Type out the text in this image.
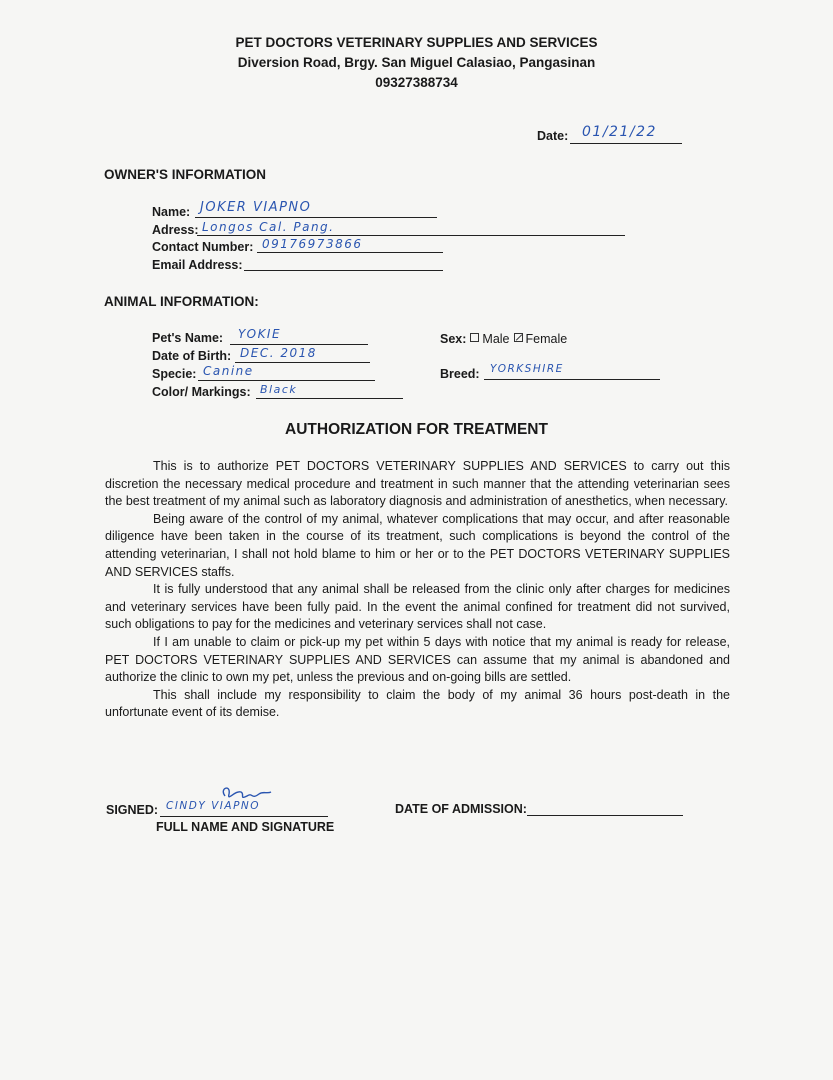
PET DOCTORS VETERINARY SUPPLIES AND SERVICES
Diversion Road, Brgy. San Miguel Calasiao, Pangasinan
09327388734
Date: 01/21/22
OWNER'S INFORMATION
Name: JOKER VIAPNO
Adress: Longos Cal. Pang.
Contact Number: 09176973866
Email Address:
ANIMAL INFORMATION:
Pet's Name: YOKIE
Date of Birth: DEC. 2018
Specie: Canine
Color/ Markings: Black
Sex: Male Female
Breed: YORKSHIRE
AUTHORIZATION FOR TREATMENT

This is to authorize PET DOCTORS VETERINARY SUPPLIES AND SERVICES to carry out this discretion the necessary medical procedure and treatment in such manner that the attending veterinarian sees the best treatment of my animal such as laboratory diagnosis and administration of anesthetics, when necessary.

Being aware of the control of my animal, whatever complications that may occur, and after reasonable diligence have been taken in the course of its treatment, such complications is beyond the control of the attending veterinarian, I shall not hold blame to him or her or to the PET DOCTORS VETERINARY SUPPLIES AND SERVICES staffs.

It is fully understood that any animal shall be released from the clinic only after charges for medicines and veterinary services have been fully paid. In the event the animal confined for treatment did not survived, such obligations to pay for the medicines and veterinary services shall not case.

If I am unable to claim or pick-up my pet within 5 days with notice that my animal is ready for release, PET DOCTORS VETERINARY SUPPLIES AND SERVICES can assume that my animal is abandoned and authorize the clinic to own my pet, unless the previous and on-going bills are settled.

This shall include my responsibility to claim the body of my animal 36 hours post-death in the unfortunate event of its demise.

SIGNED: CINDY VIAPNO
FULL NAME AND SIGNATURE
DATE OF ADMISSION:
